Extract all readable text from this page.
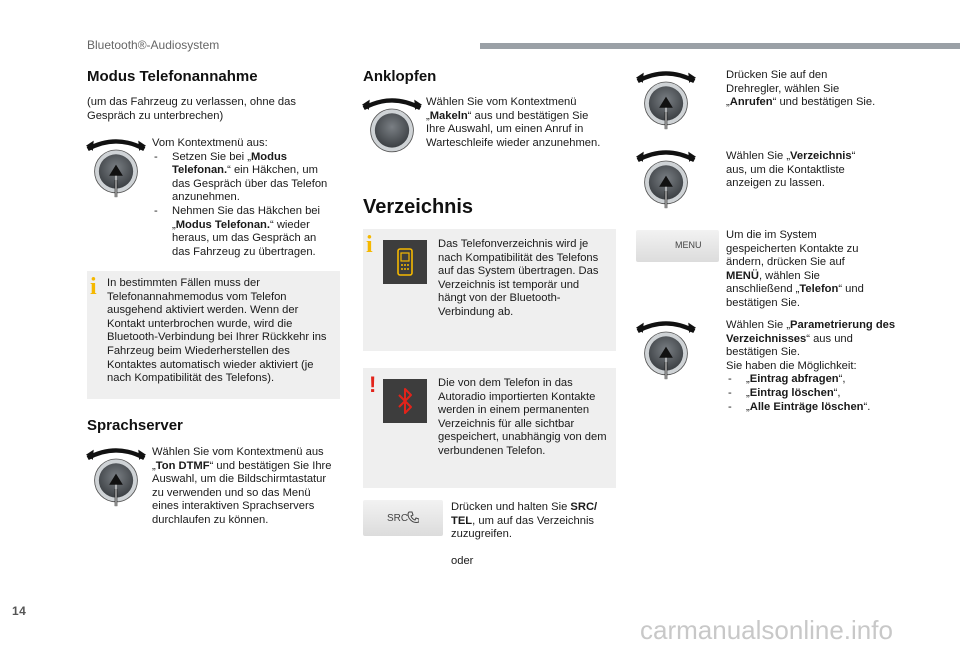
Bluetooth®-Audiosystem
Modus Telefonannahme
(um das Fahrzeug zu verlassen, ohne das Gespräch zu unterbrechen)
Vom Kontextmenü aus:
- Setzen Sie bei „Modus Telefonan.“ ein Häkchen, um das Gespräch über das Telefon anzunehmen.
- Nehmen Sie das Häkchen bei „Modus Telefonan.“ wieder heraus, um das Gespräch an das Fahrzeug zu übertragen.
i In bestimmten Fällen muss der Telefonannahmemodus vom Telefon ausgehend aktiviert werden. Wenn der Kontakt unterbrochen wurde, wird die Bluetooth-Verbindung bei Ihrer Rückkehr ins Fahrzeug beim Wiederherstellen des Kontaktes automatisch wieder aktiviert (je nach Kompatibilität des Telefons).
Sprachserver
Wählen Sie vom Kontextmenü aus „Ton DTMF“ und bestätigen Sie Ihre Auswahl, um die Bildschirmtastatur zu verwenden und so das Menü eines interaktiven Sprachservers durchlaufen zu können.
Anklopfen
Wählen Sie vom Kontextmenü „Makeln“ aus und bestätigen Sie Ihre Auswahl, um einen Anruf in Warteschleife wieder anzunehmen.
Verzeichnis
i	Das Telefonverzeichnis wird je nach Kompatibilität des Telefons auf das System übertragen. Das Verzeichnis ist temporär und hängt von der Bluetooth-Verbindung ab.
!	Die von dem Telefon in das Autoradio importierten Kontakte werden in einem permanenten Verzeichnis für alle sichtbar gespeichert, unabhängig von dem verbundenen Telefon.
SRC
Drücken und halten Sie SRC/ TEL, um auf das Verzeichnis zuzugreifen.
oder
Drücken Sie auf den Drehregler, wählen Sie „Anrufen“ und bestätigen Sie.
Wählen Sie „Verzeichnis“ aus, um die Kontaktliste anzeigen zu lassen.
MENU
Um die im System gespeicherten Kontakte zu ändern, drücken Sie auf MENÜ, wählen Sie anschließend „Telefon“ und bestätigen Sie.
Wählen Sie „Parametrierung des Verzeichnisses“ aus und bestätigen Sie.
Sie haben die Möglichkeit:
- „Eintrag abfragen“,
- „Eintrag löschen“,
- „Alle Einträge löschen“.
14
carmanualsonline.info
